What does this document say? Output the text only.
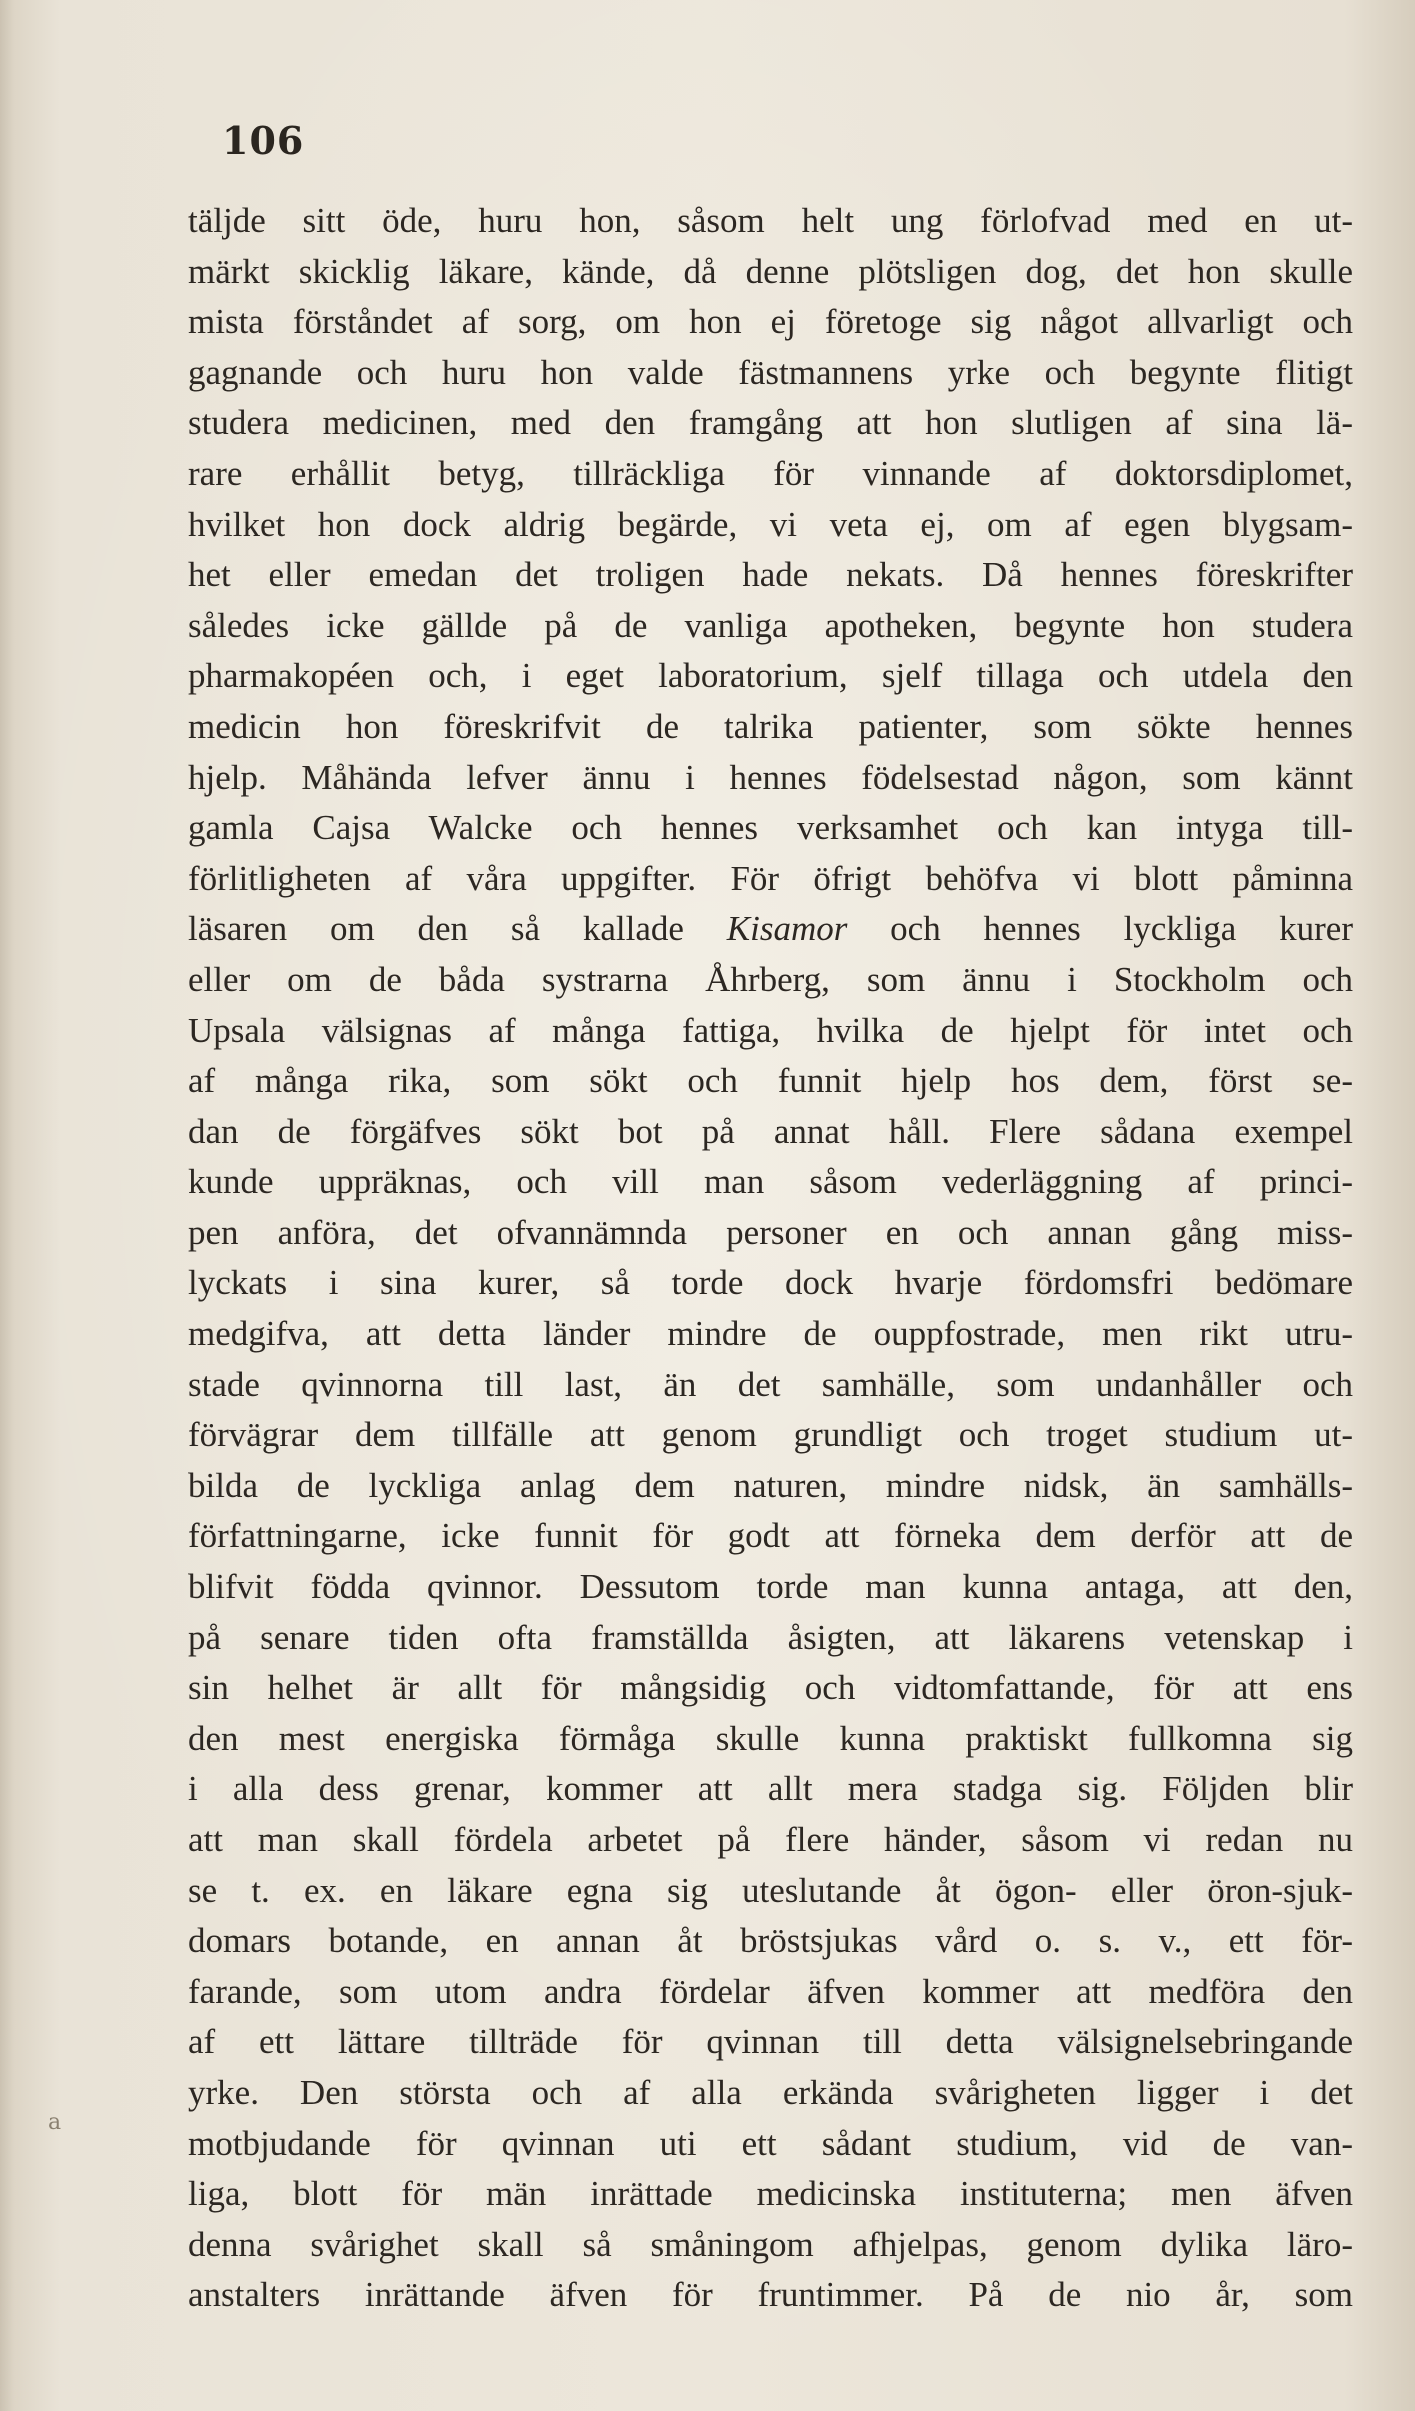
106
a
täljde sitt öde, huru hon, såsom helt ung förlofvad med en ut-
märkt skicklig läkare, kände, då denne plötsligen dog, det hon skulle
mista förståndet af sorg, om hon ej företoge sig något allvarligt och
gagnande och huru hon valde fästmannens yrke och begynte flitigt
studera medicinen, med den framgång att hon slutligen af sina lä-
rare erhållit betyg, tillräckliga för vinnande af doktorsdiplomet,
hvilket hon dock aldrig begärde, vi veta ej, om af egen blygsam-
het eller emedan det troligen hade nekats. Då hennes föreskrifter
således icke gällde på de vanliga apotheken, begynte hon studera
pharmakopéen och, i eget laboratorium, sjelf tillaga och utdela den
medicin hon föreskrifvit de talrika patienter, som sökte hennes
hjelp. Måhända lefver ännu i hennes födelsestad någon, som kännt
gamla Cajsa Walcke och hennes verksamhet och kan intyga till-
förlitligheten af våra uppgifter. För öfrigt behöfva vi blott påminna
läsaren om den så kallade Kisamor och hennes lyckliga kurer
eller om de båda systrarna Åhrberg, som ännu i Stockholm och
Upsala välsignas af många fattiga, hvilka de hjelpt för intet och
af många rika, som sökt och funnit hjelp hos dem, först se-
dan de förgäfves sökt bot på annat håll. Flere sådana exempel
kunde uppräknas, och vill man såsom vederläggning af princi-
pen anföra, det ofvannämnda personer en och annan gång miss-
lyckats i sina kurer, så torde dock hvarje fördomsfri bedömare
medgifva, att detta länder mindre de ouppfostrade, men rikt utru-
stade qvinnorna till last, än det samhälle, som undanhåller och
förvägrar dem tillfälle att genom grundligt och troget studium ut-
bilda de lyckliga anlag dem naturen, mindre nidsk, än samhälls-
författningarne, icke funnit för godt att förneka dem derför att de
blifvit födda qvinnor. Dessutom torde man kunna antaga, att den,
på senare tiden ofta framställda åsigten, att läkarens vetenskap i
sin helhet är allt för mångsidig och vidtomfattande, för att ens
den mest energiska förmåga skulle kunna praktiskt fullkomna sig
i alla dess grenar, kommer att allt mera stadga sig. Följden blir
att man skall fördela arbetet på flere händer, såsom vi redan nu
se t. ex. en läkare egna sig uteslutande åt ögon- eller öron-sjuk-
domars botande, en annan åt bröstsjukas vård o. s. v., ett för-
farande, som utom andra fördelar äfven kommer att medföra den
af ett lättare tillträde för qvinnan till detta välsignelsebringande
yrke. Den största och af alla erkända svårigheten ligger i det
motbjudande för qvinnan uti ett sådant studium, vid de van-
liga, blott för män inrättade medicinska instituterna; men äfven
denna svårighet skall så småningom afhjelpas, genom dylika läro-
anstalters inrättande äfven för fruntimmer. På de nio år, som
